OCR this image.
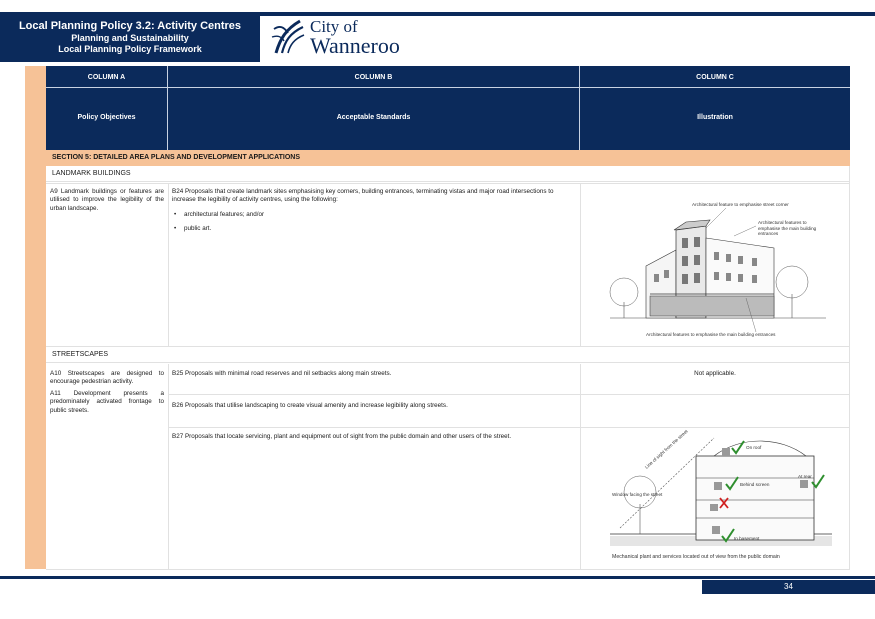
Local Planning Policy 3.2: Activity Centres
Planning and Sustainability
Local Planning Policy Framework
City of
Wanneroo
COLUMN A
Policy Objectives
COLUMN B
Acceptable Standards
COLUMN C
Illustration
SECTION 5: DETAILED AREA PLANS AND DEVELOPMENT APPLICATIONS
LANDMARK BUILDINGS
A9 Landmark buildings or features are utilised to improve the legibility of the urban landscape.
B24 Proposals that create landmark sites emphasising key corners, building entrances, terminating vistas and major road intersections to increase the legibility of activity centres, using the following:
• architectural features; and/or
• public art.
Architectural feature to emphasise street corner
Architectural features to emphasise the main building entrances
Architectural features to emphasise the main building entrances
STREETSCAPES
A10 Streetscapes are designed to encourage pedestrian activity.
A11 Development presents a predominately activated frontage to public streets.
B25 Proposals with minimal road reserves and nil setbacks along main streets.	Not applicable.
B26 Proposals that utilise landscaping to create visual amenity and increase legibility along streets.
B27 Proposals that locate servicing, plant and equipment out of sight from the public domain and other users of the street.
On roof
Behind screen
At rear
Window facing the street
In basement
Line of sight from the street
Mechanical plant and services located out of view from the public domain
34
